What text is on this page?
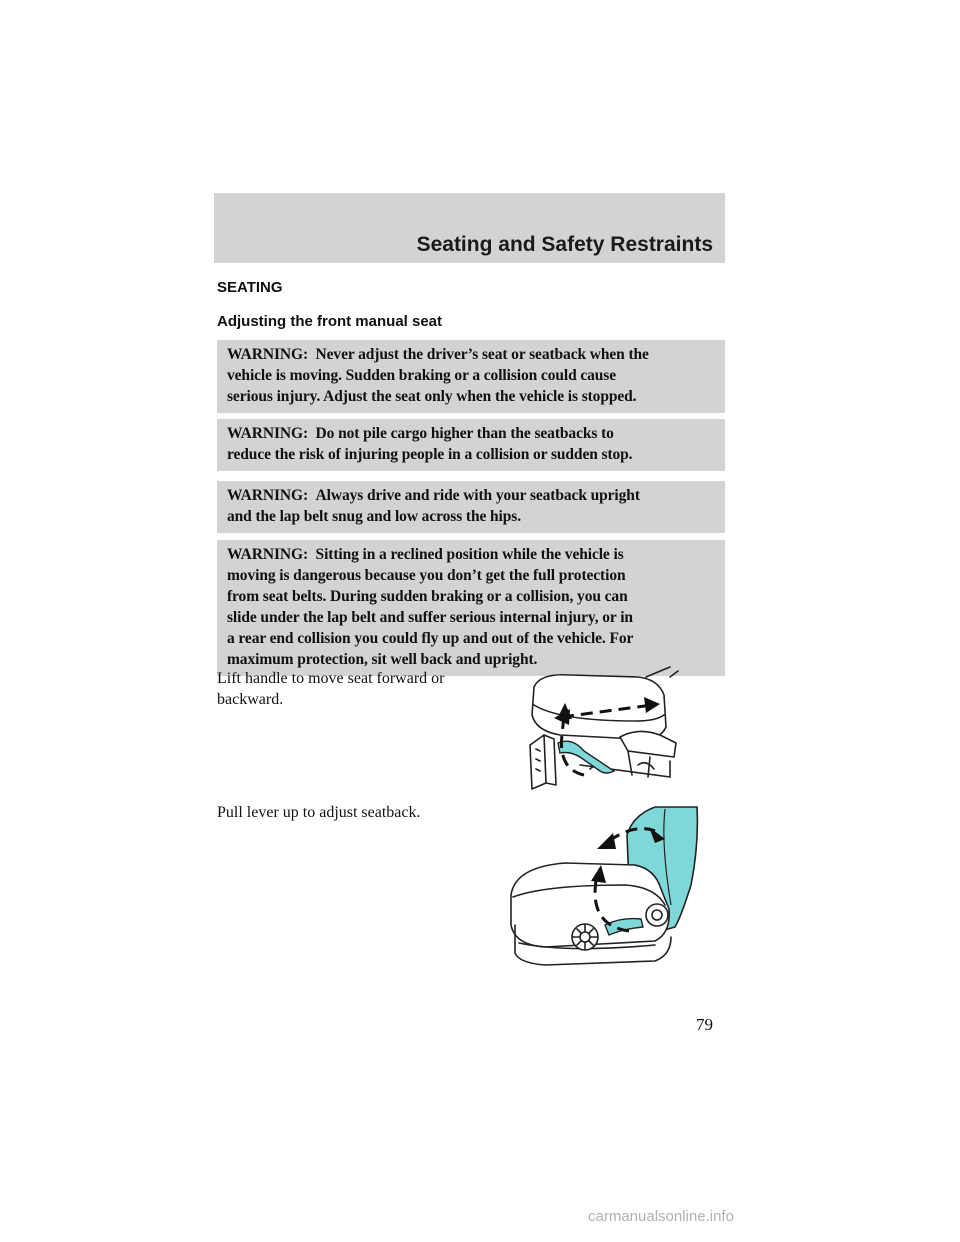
Seating and Safety Restraints
SEATING
Adjusting the front manual seat
WARNING:  Never adjust the driver’s seat or seatback when the
vehicle is moving. Sudden braking or a collision could cause
serious injury. Adjust the seat only when the vehicle is stopped.
WARNING:  Do not pile cargo higher than the seatbacks to
reduce the risk of injuring people in a collision or sudden stop.
WARNING:  Always drive and ride with your seatback upright
and the lap belt snug and low across the hips.
WARNING:  Sitting in a reclined position while the vehicle is
moving is dangerous because you don’t get the full protection
from seat belts. During sudden braking or a collision, you can
slide under the lap belt and suffer serious internal injury, or in
a rear end collision you could fly up and out of the vehicle. For
maximum protection, sit well back and upright.
Lift handle to move seat forward or
backward.
Pull lever up to adjust seatback.
79
carmanualsonline.info
